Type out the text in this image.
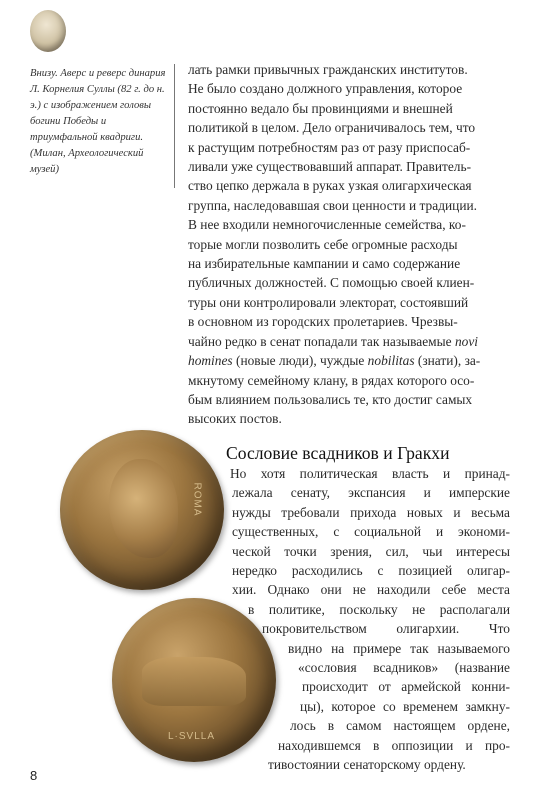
Внизу. Аверс и реверс динария Л. Корнелия Суллы (82 г. до н. э.) с изображением головы богини Победы и триумфальной квадриги. (Милан, Археологический музей)
лать рамки привычных гражданских институтов.
Не было создано должного управления, которое
постоянно ведало бы провинциями и внешней
политикой в целом. Дело ограничивалось тем, что
к растущим потребностям раз от разу приспосаб-
ливали уже существовавший аппарат. Правитель-
ство цепко держала в руках узкая олигархическая
группа, наследовавшая свои ценности и традиции.
В нее входили немногочисленные семейства, ко-
торые могли позволить себе огромные расходы
на избирательные кампании и само содержание
публичных должностей. С помощью своей клиен-
туры они контролировали электорат, состоявший
в основном из городских пролетариев. Чрезвы-
чайно редко в сенат попадали так называемые novi
homines (новые люди), чуждые nobilitas (знати), за-
мкнутому семейному клану, в рядах которого осо-
бым влиянием пользовались те, кто достиг самых
высоких постов.
ROMA
L·SVLLA
Сословие всадников и Гракхи
Но хотя политическая власть и принад-
лежала сенату, экспансия и имперские
нужды требовали прихода новых и весьма
существенных, с социальной и экономи-
ческой точки зрения, сил, чьи интересы
нередко расходились с позицией олигар-
хии. Однако они не находили себе места
в политике, поскольку не располагали
покровительством олигархии. Что
видно на примере так называемого
«сословия всадников» (название
происходит от армейской конни-
цы), которое со временем замкну-
лось в самом настоящем ордене,
находившемся в оппозиции и про-
тивостоянии сенаторскому ордену.
8
